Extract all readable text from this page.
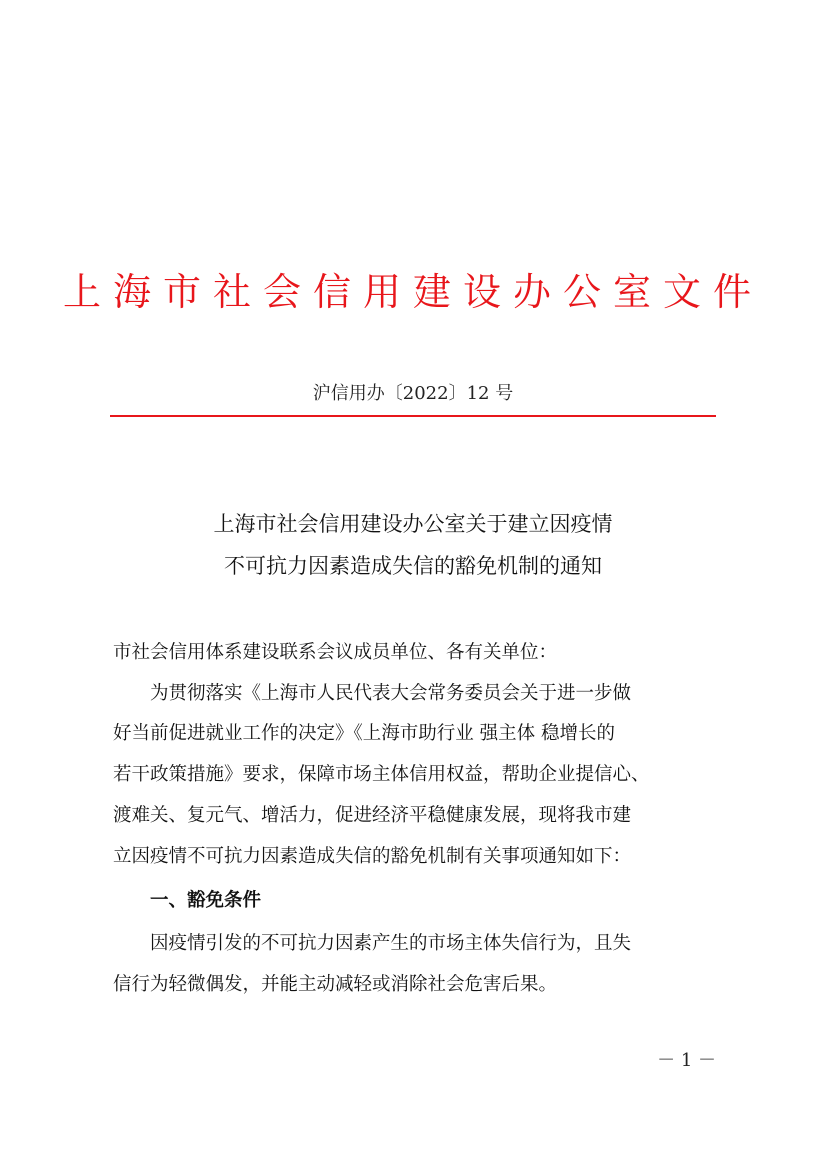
上海市社会信用建设办公室文件
沪信用办〔2022〕12 号
上海市社会信用建设办公室关于建立因疫情
不可抗力因素造成失信的豁免机制的通知
市社会信用体系建设联系会议成员单位、各有关单位：
　　为贯彻落实《上海市人民代表大会常务委员会关于进一步做
好当前促进就业工作的决定》《上海市助行业 强主体 稳增长的
若干政策措施》要求，保障市场主体信用权益，帮助企业提信心、
渡难关、复元气、增活力，促进经济平稳健康发展，现将我市建
立因疫情不可抗力因素造成失信的豁免机制有关事项通知如下：
一、豁免条件
　　因疫情引发的不可抗力因素产生的市场主体失信行为，且失
信行为轻微偶发，并能主动减轻或消除社会危害后果。
－ 1 －
